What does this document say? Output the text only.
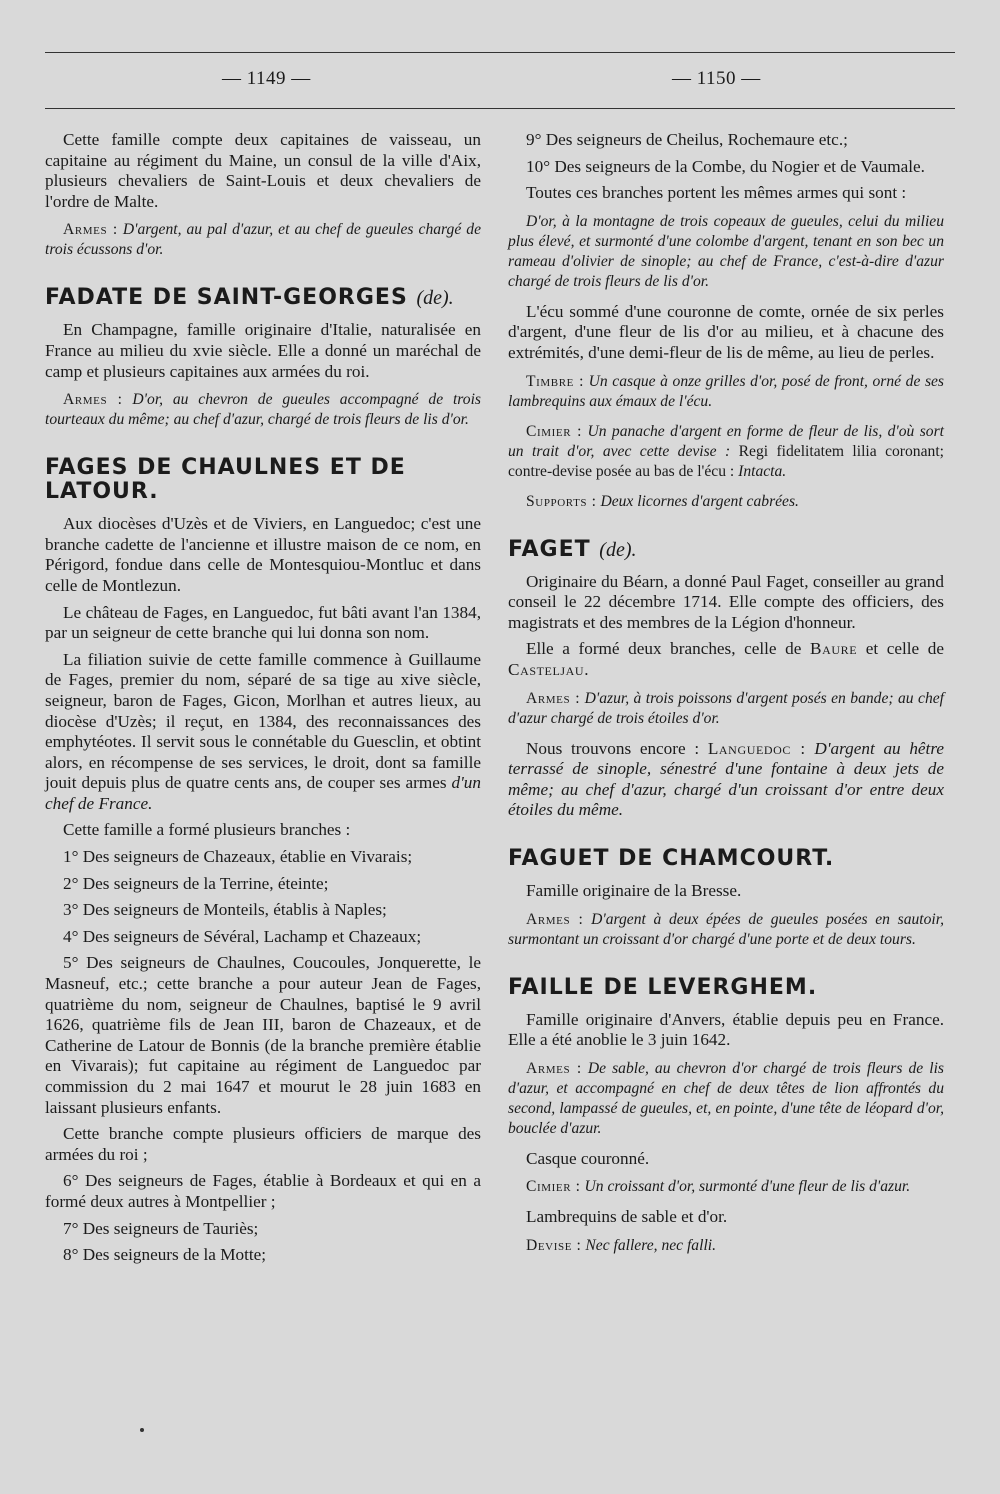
— 1149 —	— 1150 —

Cette famille compte deux capitaines de vaisseau, un capitaine au régiment du Maine, un consul de la ville d'Aix, plusieurs chevaliers de Saint-Louis et deux chevaliers de l'ordre de Malte.

Armes : D'argent, au pal d'azur, et au chef de gueules chargé de trois écussons d'or.

FADATE DE SAINT-GEORGES (de).

En Champagne, famille originaire d'Italie, naturalisée en France au milieu du xvie siècle. Elle a donné un maréchal de camp et plusieurs capitaines aux armées du roi.

Armes : D'or, au chevron de gueules accompagné de trois tourteaux du même; au chef d'azur, chargé de trois fleurs de lis d'or.

FAGES DE CHAULNES ET DE LATOUR.

Aux diocèses d'Uzès et de Viviers, en Languedoc; c'est une branche cadette de l'ancienne et illustre maison de ce nom, en Périgord, fondue dans celle de Montesquiou-Montluc et dans celle de Montlezun.

Le château de Fages, en Languedoc, fut bâti avant l'an 1384, par un seigneur de cette branche qui lui donna son nom.

La filiation suivie de cette famille commence à Guillaume de Fages, premier du nom, séparé de sa tige au xive siècle, seigneur, baron de Fages, Gicon, Morlhan et autres lieux, au diocèse d'Uzès; il reçut, en 1384, des reconnaissances des emphytéotes. Il servit sous le connétable du Guesclin, et obtint alors, en récompense de ses services, le droit, dont sa famille jouit depuis plus de quatre cents ans, de couper ses armes d'un chef de France.

Cette famille a formé plusieurs branches :

1° Des seigneurs de Chazeaux, établie en Vivarais;

2° Des seigneurs de la Terrine, éteinte;

3° Des seigneurs de Monteils, établis à Naples;

4° Des seigneurs de Sévéral, Lachamp et Chazeaux;

5° Des seigneurs de Chaulnes, Coucoules, Jonquerette, le Masneuf, etc.; cette branche a pour auteur Jean de Fages, quatrième du nom, seigneur de Chaulnes, baptisé le 9 avril 1626, quatrième fils de Jean III, baron de Chazeaux, et de Catherine de Latour de Bonnis (de la branche première établie en Vivarais); fut capitaine au régiment de Languedoc par commission du 2 mai 1647 et mourut le 28 juin 1683 en laissant plusieurs enfants.

Cette branche compte plusieurs officiers de marque des armées du roi ;

6° Des seigneurs de Fages, établie à Bordeaux et qui en a formé deux autres à Montpellier ;

7° Des seigneurs de Tauriès;

8° Des seigneurs de la Motte;

9° Des seigneurs de Cheilus, Rochemaure etc.;

10° Des seigneurs de la Combe, du Nogier et de Vaumale.

Toutes ces branches portent les mêmes armes qui sont :

D'or, à la montagne de trois copeaux de gueules, celui du milieu plus élevé, et surmonté d'une colombe d'argent, tenant en son bec un rameau d'olivier de sinople; au chef de France, c'est-à-dire d'azur chargé de trois fleurs de lis d'or.

L'écu sommé d'une couronne de comte, ornée de six perles d'argent, d'une fleur de lis d'or au milieu, et à chacune des extrémités, d'une demi-fleur de lis de même, au lieu de perles.

Timbre : Un casque à onze grilles d'or, posé de front, orné de ses lambrequins aux émaux de l'écu.

Cimier : Un panache d'argent en forme de fleur de lis, d'où sort un trait d'or, avec cette devise : Regi fidelitatem lilia coronant; contre-devise posée au bas de l'écu : Intacta.

Supports : Deux licornes d'argent cabrées.

FAGET (de).

Originaire du Béarn, a donné Paul Faget, conseiller au grand conseil le 22 décembre 1714. Elle compte des officiers, des magistrats et des membres de la Légion d'honneur.

Elle a formé deux branches, celle de Baure et celle de Casteljau.

Armes : D'azur, à trois poissons d'argent posés en bande; au chef d'azur chargé de trois étoiles d'or.

Nous trouvons encore : Languedoc : D'argent au hêtre terrassé de sinople, sénestré d'une fontaine à deux jets de même; au chef d'azur, chargé d'un croissant d'or entre deux étoiles du même.

FAGUET DE CHAMCOURT.

Famille originaire de la Bresse.

Armes : D'argent à deux épées de gueules posées en sautoir, surmontant un croissant d'or chargé d'une porte et de deux tours.

FAILLE DE LEVERGHEM.

Famille originaire d'Anvers, établie depuis peu en France. Elle a été anoblie le 3 juin 1642.

Armes : De sable, au chevron d'or chargé de trois fleurs de lis d'azur, et accompagné en chef de deux têtes de lion affrontés du second, lampassé de gueules, et, en pointe, d'une tête de léopard d'or, bouclée d'azur.

Casque couronné.

Cimier : Un croissant d'or, surmonté d'une fleur de lis d'azur.

Lambrequins de sable et d'or.

Devise : Nec fallere, nec falli.
